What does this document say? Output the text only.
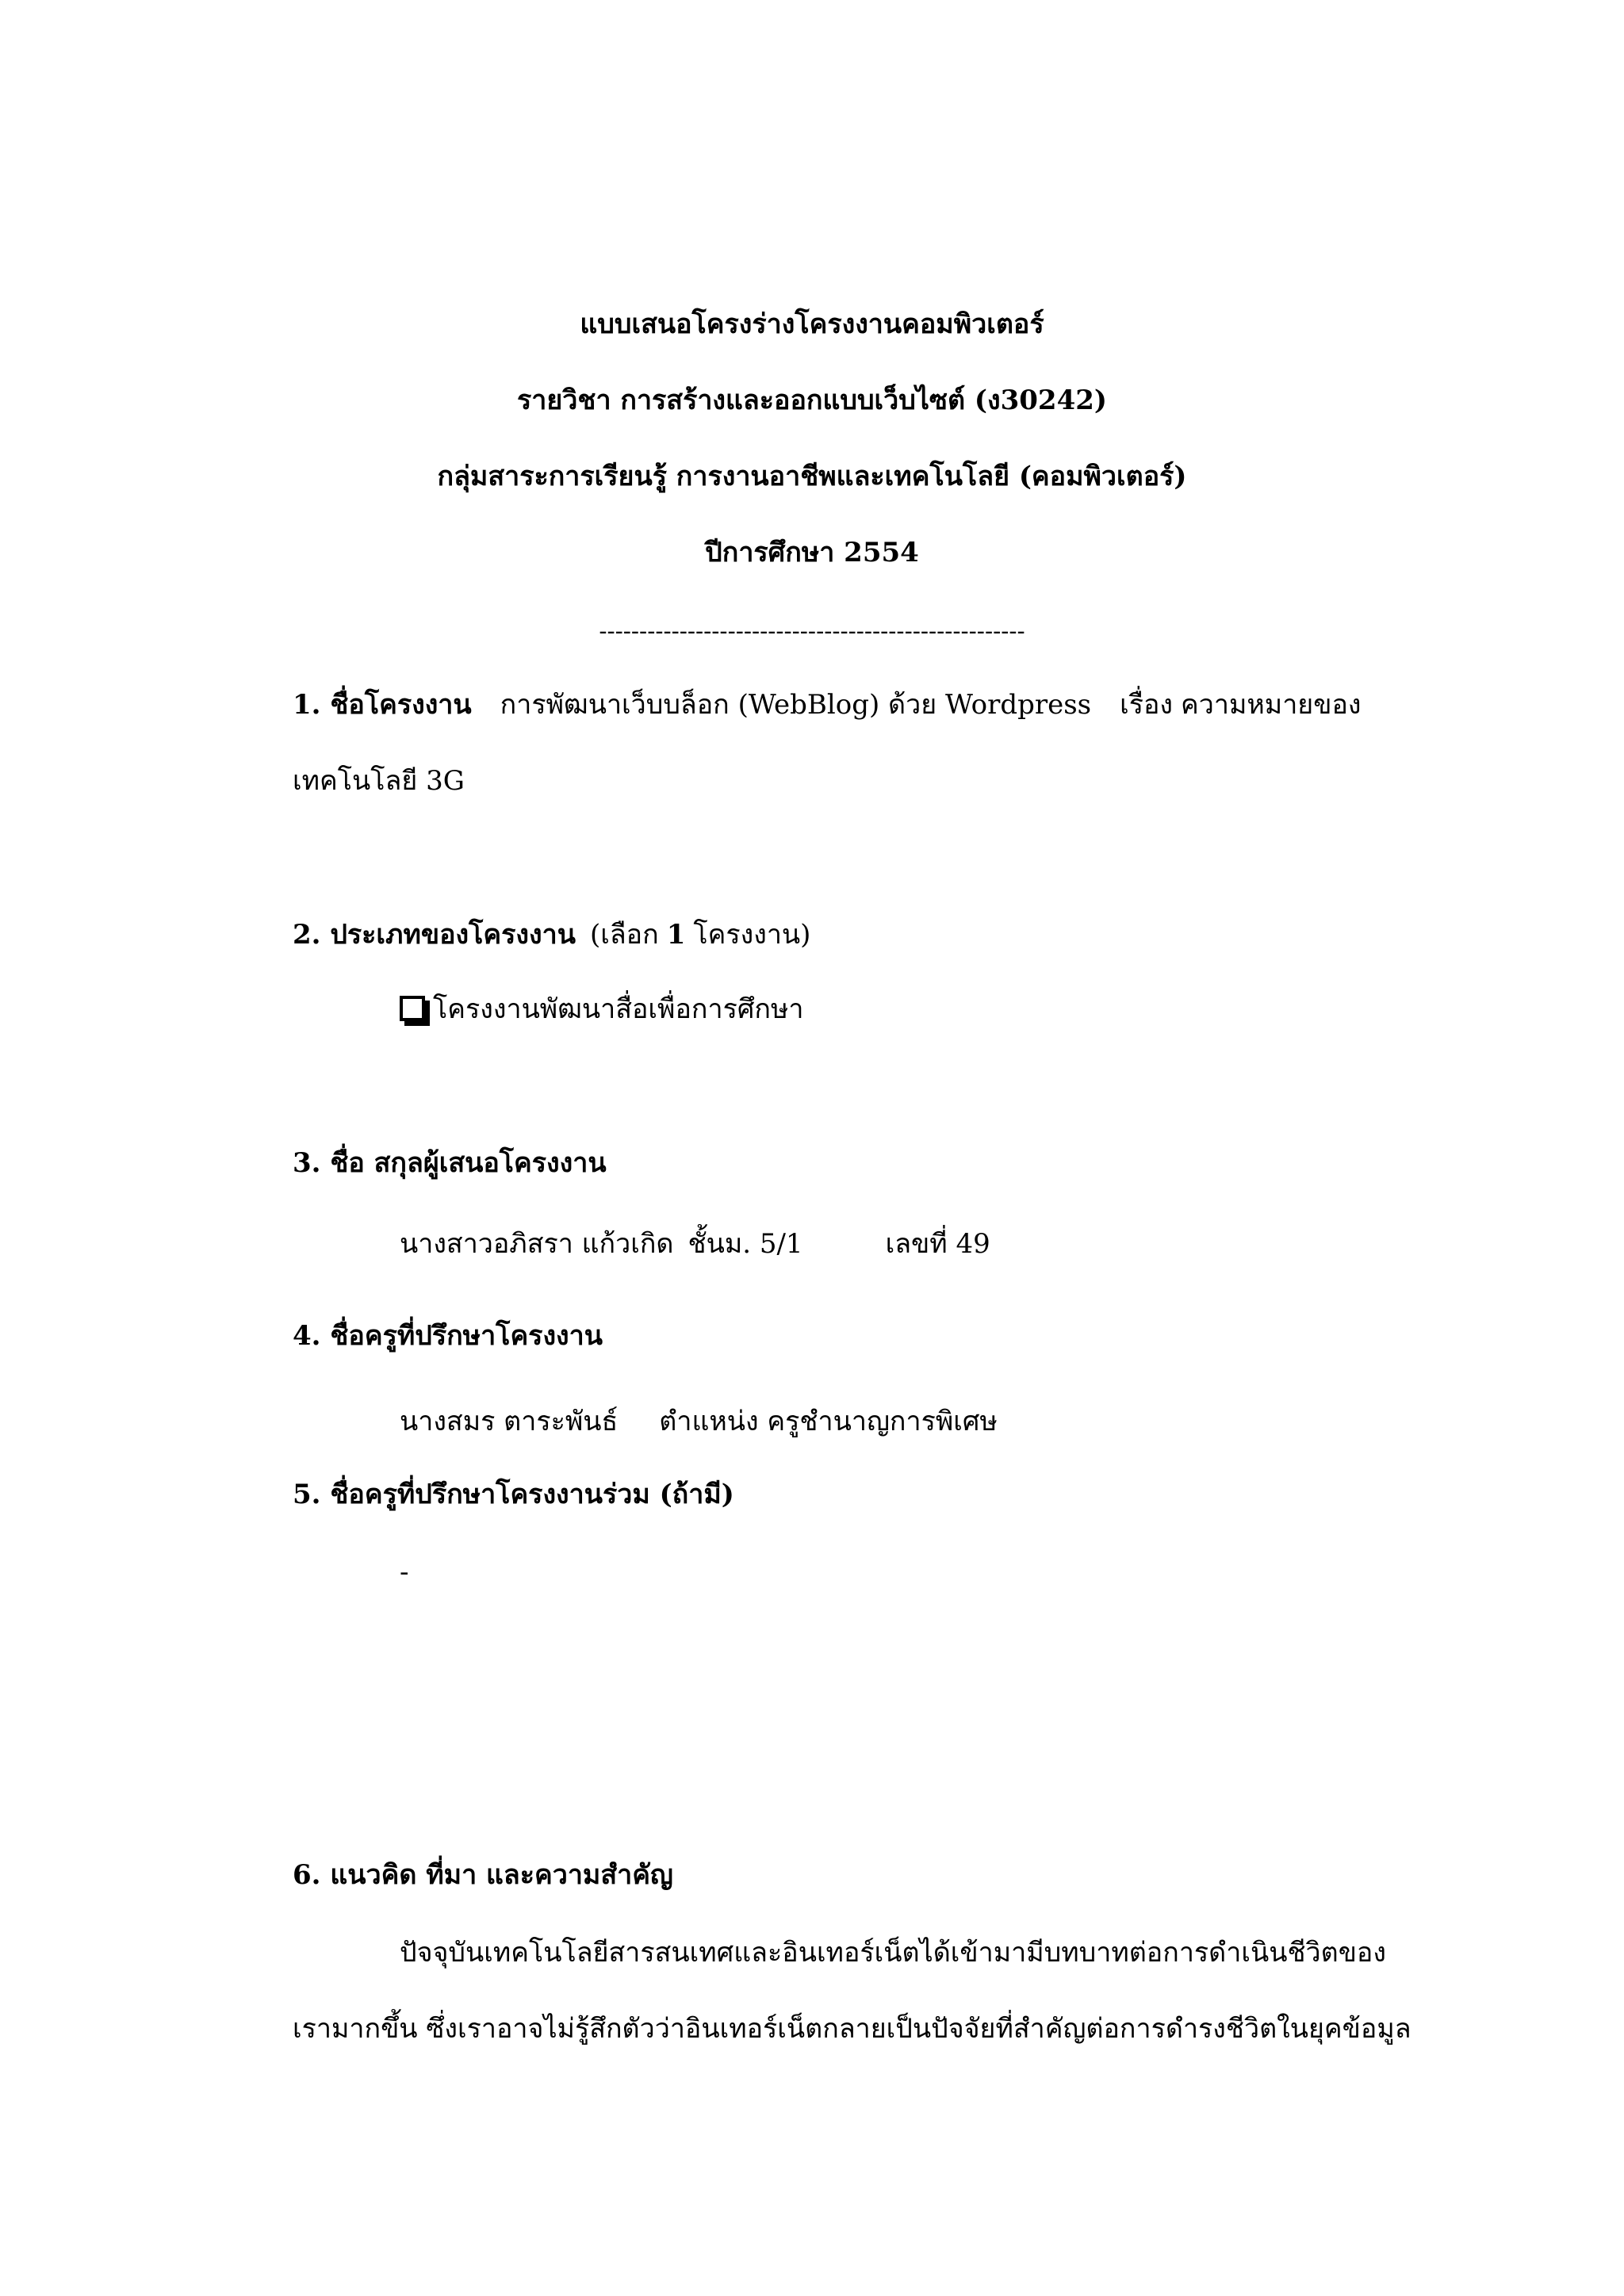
แบบเสนอโครงร่างโครงงานคอมพิวเตอร์
รายวิชา การสร้างและออกแบบเว็บไซต์ (ง30242)
กลุ่มสาระการเรียนรู้ การงานอาชีพและเทคโนโลยี (คอมพิวเตอร์)
ปีการศึกษา 2554
-----------------------------------------------------
1. ชื่อโครงงาน การพัฒนาเว็บบล็อก (WebBlog) ด้วย Wordpress เรื่อง ความหมายของ
เทคโนโลยี 3G
2. ประเภทของโครงงาน (เลือก 1 โครงงาน)
โครงงานพัฒนาสื่อเพื่อการศึกษา
3. ชื่อ สกุลผู้เสนอโครงงาน
นางสาวอภิสรา แก้วเกิด ชั้นม. 5/1	เลขที่ 49
4. ชื่อครูที่ปรึกษาโครงงาน
นางสมร ตาระพันธ์ ตำแหน่ง ครูชำนาญการพิเศษ
5. ชื่อครูที่ปรึกษาโครงงานร่วม (ถ้ามี)
-
6. แนวคิด ที่มา และความสำคัญ
ปัจจุบันเทคโนโลยีสารสนเทศและอินเทอร์เน็ตได้เข้ามามีบทบาทต่อการดำเนินชีวิตของ
เรามากขึ้น ซึ่งเราอาจไม่รู้สึกตัวว่าอินเทอร์เน็ตกลายเป็นปัจจัยที่สำคัญต่อการดำรงชีวิตในยุคข้อมูล
